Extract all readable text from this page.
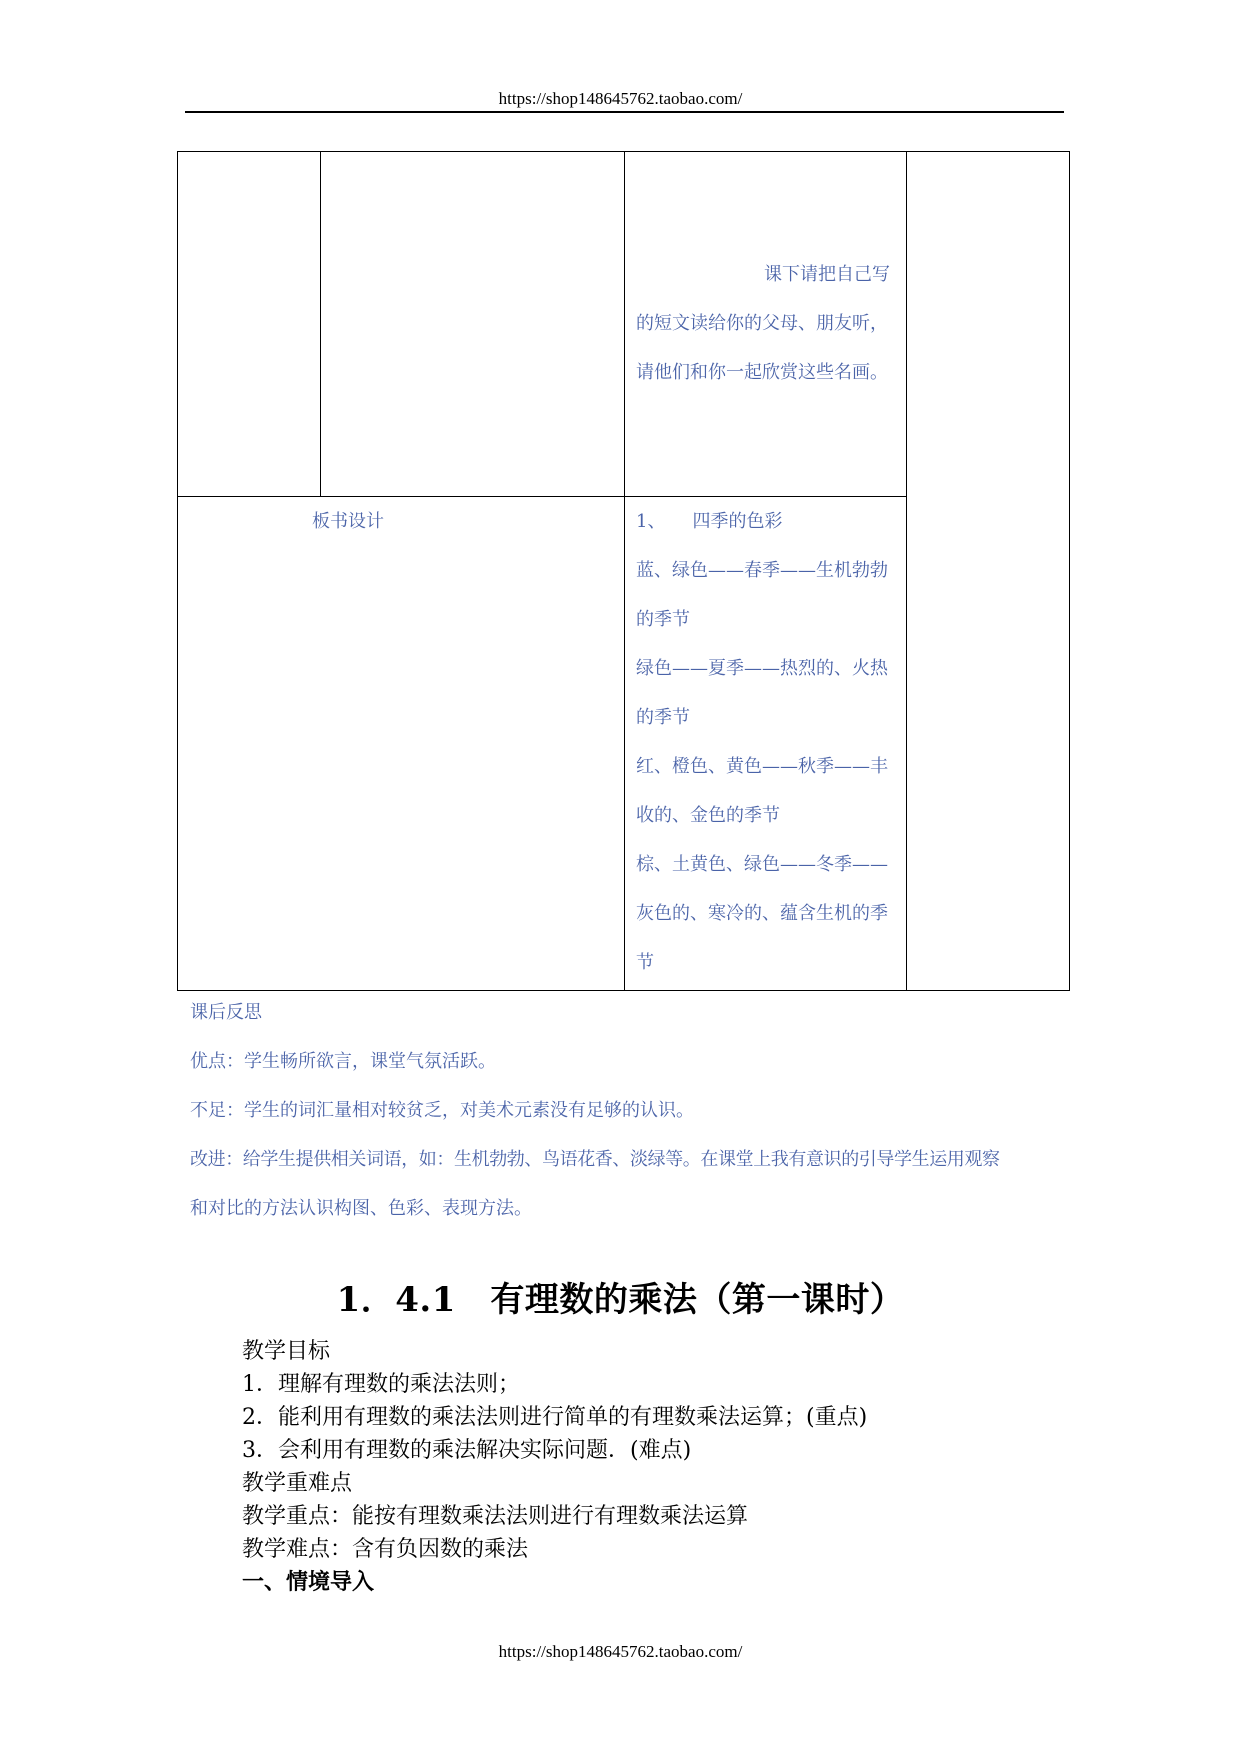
https://shop148645762.taobao.com/
课下请把自己写
的短文读给你的父母、朋友听，
请他们和你一起欣赏这些名画。
板书设计	1、　　四季的色彩
蓝、绿色——春季——生机勃勃
的季节
绿色——夏季——热烈的、火热
的季节
红、橙色、黄色——秋季——丰
收的、金色的季节
棕、土黄色、绿色——冬季——
灰色的、寒冷的、蕴含生机的季
节

课后反思

优点：学生畅所欲言，课堂气氛活跃。

不足：学生的词汇量相对较贫乏，对美术元素没有足够的认识。

改进：给学生提供相关词语，如：生机勃勃、鸟语花香、淡绿等。在课堂上我有意识的引导学生运用观察

和对比的方法认识构图、色彩、表现方法。

1．4.1　有理数的乘法（第一课时）

教学目标

1．理解有理数的乘法法则；

2．能利用有理数的乘法法则进行简单的有理数乘法运算；(重点)

3．会利用有理数的乘法解决实际问题．(难点)

教学重难点

教学重点：能按有理数乘法法则进行有理数乘法运算

教学难点：含有负因数的乘法

一、情境导入

https://shop148645762.taobao.com/
